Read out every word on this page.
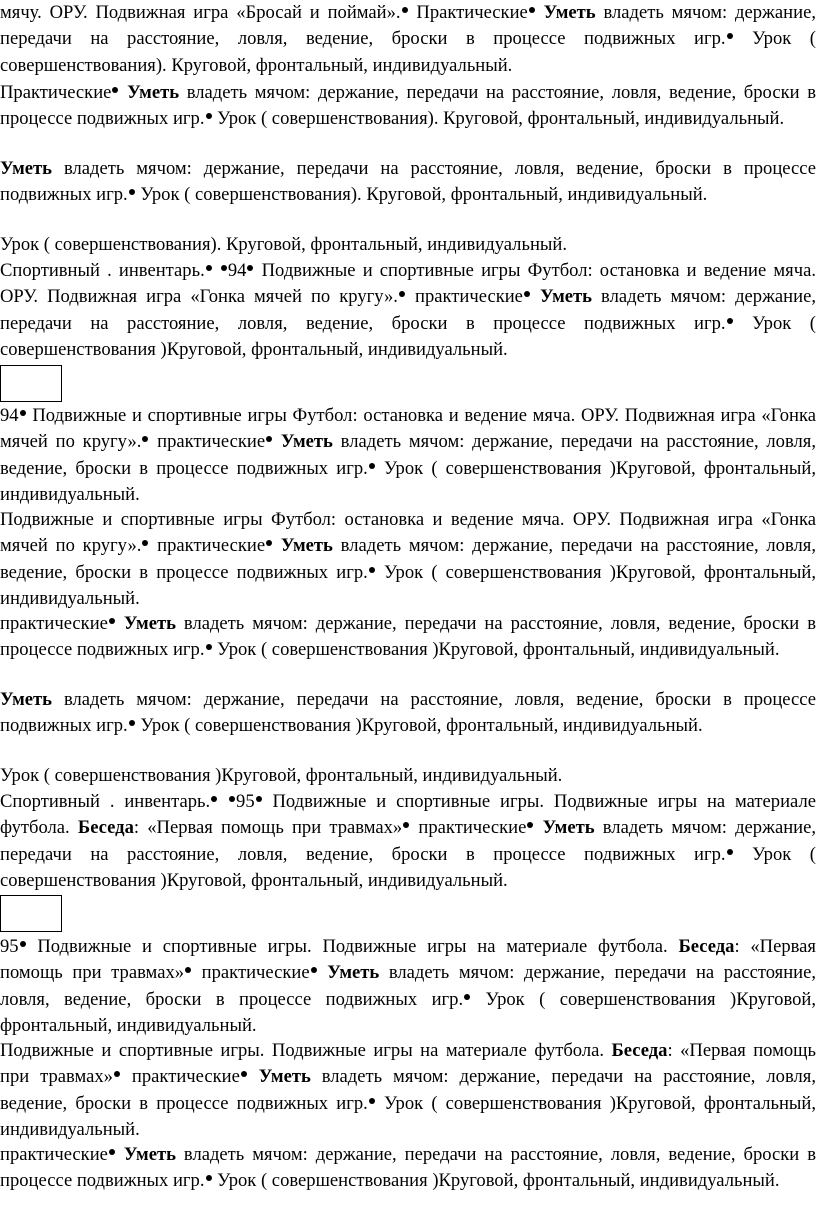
мячу. ОРУ. Подвижная игра «Бросай и поймай». Практические Уметь владеть мячом: держание, передачи на расстояние, ловля, ведение, броски в процессе подвижных игр. Урок ( совершенствования). Круговой, фронтальный, индивидуальный.
Практические Уметь владеть мячом: держание, передачи на расстояние, ловля, ведение, броски в процессе подвижных игр. Урок ( совершенствования). Круговой, фронтальный, индивидуальный.
Уметь владеть мячом: держание, передачи на расстояние, ловля, ведение, броски в процессе подвижных игр. Урок ( совершенствования). Круговой, фронтальный, индивидуальный.
Урок ( совершенствования). Круговой, фронтальный, индивидуальный.
Спортивный . инвентарь. 94 Подвижные и спортивные игры Футбол: остановка и ведение мяча. ОРУ. Подвижная игра «Гонка мячей по кругу». практические Уметь владеть мячом: держание, передачи на расстояние, ловля, ведение, броски в процессе подвижных игр. Урок ( совершенствования )Круговой, фронтальный, индивидуальный.
94 Подвижные и спортивные игры Футбол: остановка и ведение мяча. ОРУ. Подвижная игра «Гонка мячей по кругу». практические Уметь владеть мячом: держание, передачи на расстояние, ловля, ведение, броски в процессе подвижных игр. Урок ( совершенствования )Круговой, фронтальный, индивидуальный.
Подвижные и спортивные игры Футбол: остановка и ведение мяча. ОРУ. Подвижная игра «Гонка мячей по кругу». практические Уметь владеть мячом: держание, передачи на расстояние, ловля, ведение, броски в процессе подвижных игр. Урок ( совершенствования )Круговой, фронтальный, индивидуальный.
практические Уметь владеть мячом: держание, передачи на расстояние, ловля, ведение, броски в процессе подвижных игр. Урок ( совершенствования )Круговой, фронтальный, индивидуальный.
Уметь владеть мячом: держание, передачи на расстояние, ловля, ведение, броски в процессе подвижных игр. Урок ( совершенствования )Круговой, фронтальный, индивидуальный.
Урок ( совершенствования )Круговой, фронтальный, индивидуальный.
Спортивный . инвентарь. 95 Подвижные и спортивные игры. Подвижные игры на материале футбола. Беседа: «Первая помощь при травмах» практические Уметь владеть мячом: держание, передачи на расстояние, ловля, ведение, броски в процессе подвижных игр. Урок ( совершенствования )Круговой, фронтальный, индивидуальный.
95 Подвижные и спортивные игры. Подвижные игры на материале футбола. Беседа: «Первая помощь при травмах» практические Уметь владеть мячом: держание, передачи на расстояние, ловля, ведение, броски в процессе подвижных игр. Урок ( совершенствования )Круговой, фронтальный, индивидуальный.
Подвижные и спортивные игры. Подвижные игры на материале футбола. Беседа: «Первая помощь при травмах» практические Уметь владеть мячом: держание, передачи на расстояние, ловля, ведение, броски в процессе подвижных игр. Урок ( совершенствования )Круговой, фронтальный, индивидуальный.
практические Уметь владеть мячом: держание, передачи на расстояние, ловля, ведение, броски в процессе подвижных игр. Урок ( совершенствования )Круговой, фронтальный, индивидуальный.
